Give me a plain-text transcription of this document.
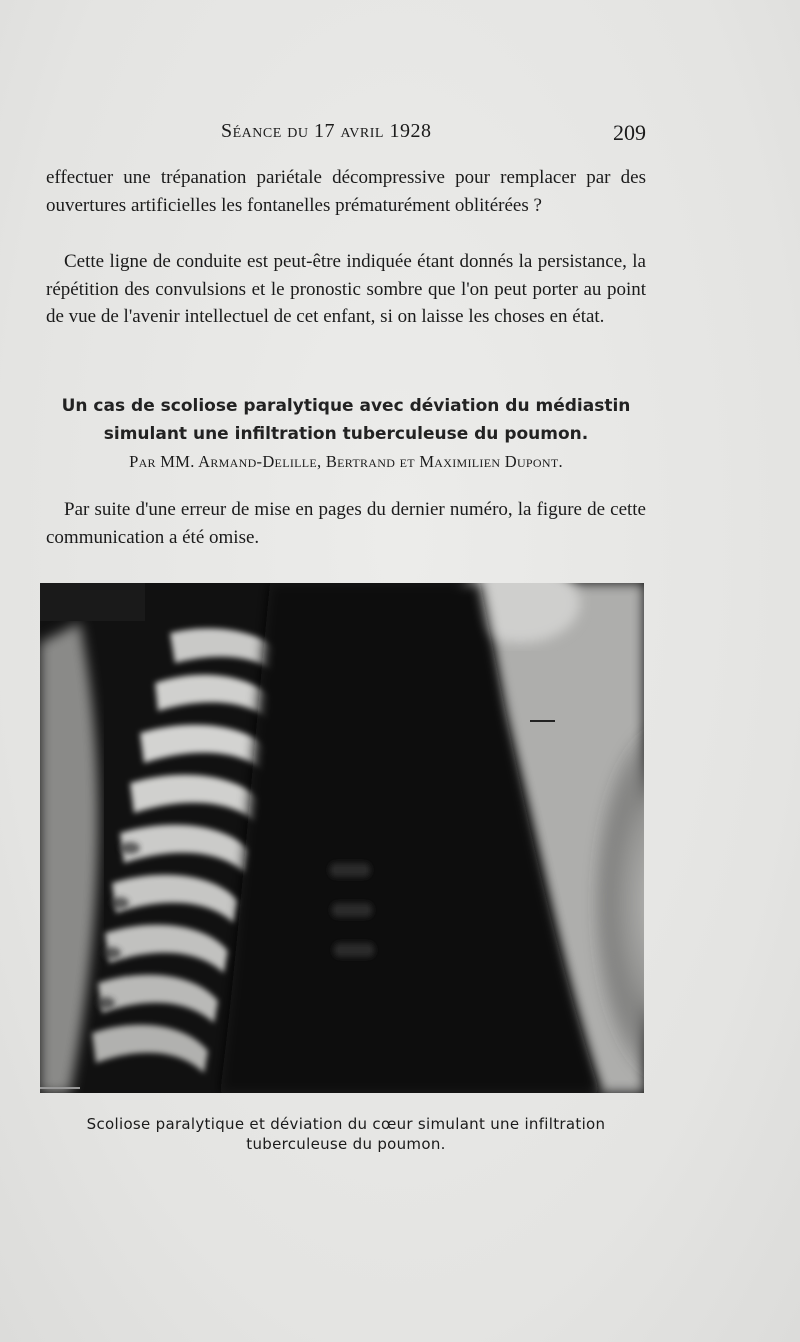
Séance du 17 avril 1928	209

effectuer une trépanation pariétale décompressive pour remplacer par des ouvertures artificielles les fontanelles prématurément oblitérées ?

Cette ligne de conduite est peut-être indiquée étant donnés la persistance, la répétition des convulsions et le pronostic sombre que l'on peut porter au point de vue de l'avenir intellectuel de cet enfant, si on laisse les choses en état.

Un cas de scoliose paralytique avec déviation du médiastin
simulant une infiltration tuberculeuse du poumon.
Par MM. Armand-Delille, Bertrand et Maximilien Dupont.

Par suite d'une erreur de mise en pages du dernier numéro, la figure de cette communication a été omise.

Scoliose paralytique et déviation du cœur simulant une infiltration
tuberculeuse du poumon.
